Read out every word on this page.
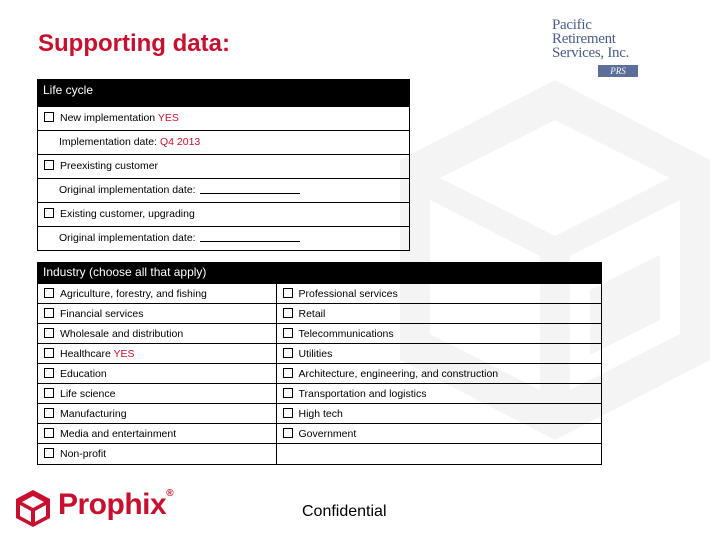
Supporting data:
Pacific
Retirement
Services, Inc.
PRS
Life cycle
New implementation YES
Implementation date: Q4 2013
Preexisting customer
Original implementation date:
Existing customer, upgrading
Original implementation date:
Industry (choose all that apply)
Agriculture, forestry, and fishing	Professional services
Financial services	Retail
Wholesale and distribution	Telecommunications
Healthcare YES	Utilities
Education	Architecture, engineering, and construction
Life science	Transportation and logistics
Manufacturing	High tech
Media and entertainment	Government
Non-profit	
Prophix®
Confidential
